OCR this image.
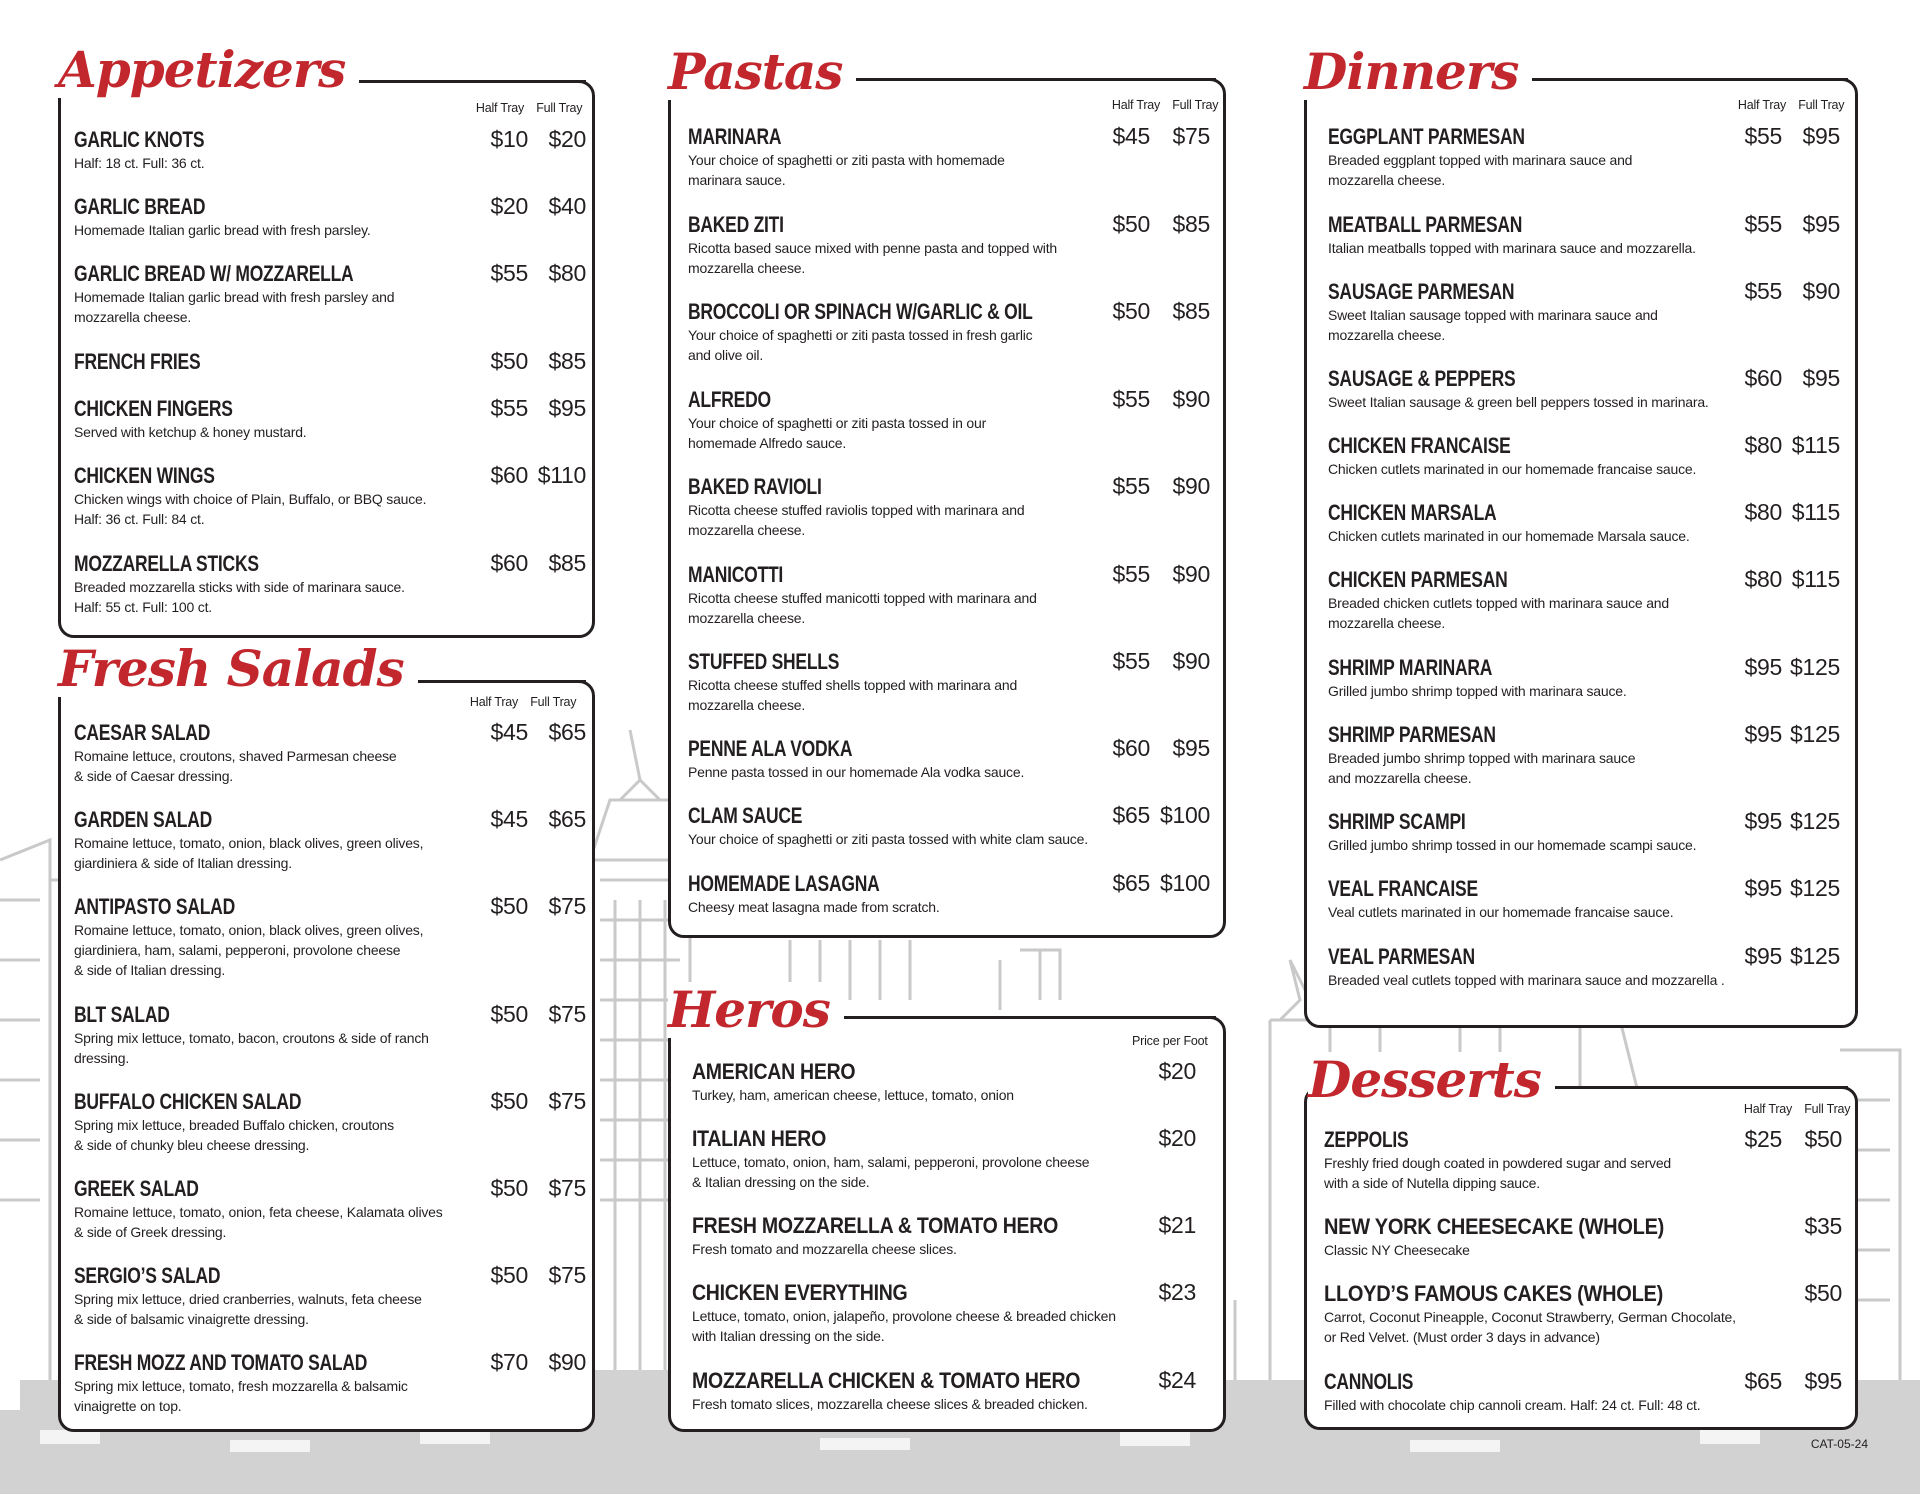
Appetizers
Half Tray Full Tray
GARLIC KNOTS
Half: 18 ct. Full: 36 ct.
$10 $20
GARLIC BREAD
Homemade Italian garlic bread with fresh parsley.
$20 $40
GARLIC BREAD W/ MOZZARELLA
Homemade Italian garlic bread with fresh parsley and
mozzarella cheese.
$55 $80
FRENCH FRIES	$50 $85
CHICKEN FINGERS
Served with ketchup & honey mustard.
$55 $95
CHICKEN WINGS
Chicken wings with choice of Plain, Buffalo, or BBQ sauce.
Half: 36 ct. Full: 84 ct.
$60 $110
MOZZARELLA STICKS
Breaded mozzarella sticks with side of marinara sauce.
Half: 55 ct. Full: 100 ct.
$60 $85
Fresh Salads
Half Tray Full Tray
CAESAR SALAD
Romaine lettuce, croutons, shaved Parmesan cheese
& side of Caesar dressing.
$45 $65
GARDEN SALAD
Romaine lettuce, tomato, onion, black olives, green olives,
giardiniera & side of Italian dressing.
$45 $65
ANTIPASTO SALAD
Romaine lettuce, tomato, onion, black olives, green olives,
giardiniera, ham, salami, pepperoni, provolone cheese
& side of Italian dressing.
$50 $75
BLT SALAD
Spring mix lettuce, tomato, bacon, croutons & side of ranch
dressing.
$50 $75
BUFFALO CHICKEN SALAD
Spring mix lettuce, breaded Buffalo chicken, croutons
& side of chunky bleu cheese dressing.
$50 $75
GREEK SALAD
Romaine lettuce, tomato, onion, feta cheese, Kalamata olives
& side of Greek dressing.
$50 $75
SERGIO’S SALAD
Spring mix lettuce, dried cranberries, walnuts, feta cheese
& side of balsamic vinaigrette dressing.
$50 $75
FRESH MOZZ AND TOMATO SALAD
Spring mix lettuce, tomato, fresh mozzarella & balsamic
vinaigrette on top.
$70 $90
Pastas
Half Tray Full Tray
MARINARA
Your choice of spaghetti or ziti pasta with homemade
marinara sauce.
$45 $75
BAKED ZITI
Ricotta based sauce mixed with penne pasta and topped with
mozzarella cheese.
$50 $85
BROCCOLI OR SPINACH W/GARLIC & OIL
Your choice of spaghetti or ziti pasta tossed in fresh garlic
and olive oil.
$50 $85
ALFREDO
Your choice of spaghetti or ziti pasta tossed in our
homemade Alfredo sauce.
$55 $90
BAKED RAVIOLI
Ricotta cheese stuffed raviolis topped with marinara and
mozzarella cheese.
$55 $90
MANICOTTI
Ricotta cheese stuffed manicotti topped with marinara and
mozzarella cheese.
$55 $90
STUFFED SHELLS
Ricotta cheese stuffed shells topped with marinara and
mozzarella cheese.
$55 $90
PENNE ALA VODKA
Penne pasta tossed in our homemade Ala vodka sauce.
$60 $95
CLAM SAUCE
Your choice of spaghetti or ziti pasta tossed with white clam sauce.
$65 $100
HOMEMADE LASAGNA
Cheesy meat lasagna made from scratch.
$65 $100
Heros
Price per Foot
AMERICAN HERO
Turkey, ham, american cheese, lettuce, tomato, onion
$20
ITALIAN HERO
Lettuce, tomato, onion, ham, salami, pepperoni, provolone cheese
& Italian dressing on the side.
$20
FRESH MOZZARELLA & TOMATO HERO
Fresh tomato and mozzarella cheese slices.
$21
CHICKEN EVERYTHING
Lettuce, tomato, onion, jalapeño, provolone cheese & breaded chicken
with Italian dressing on the side.
$23
MOZZARELLA CHICKEN & TOMATO HERO
Fresh tomato slices, mozzarella cheese slices & breaded chicken.
$24
Dinners
Half Tray Full Tray
EGGPLANT PARMESAN
Breaded eggplant topped with marinara sauce and
mozzarella cheese.
$55 $95
MEATBALL PARMESAN
Italian meatballs topped with marinara sauce and mozzarella.
$55 $95
SAUSAGE PARMESAN
Sweet Italian sausage topped with marinara sauce and
mozzarella cheese.
$55 $90
SAUSAGE & PEPPERS
Sweet Italian sausage & green bell peppers tossed in marinara.
$60 $95
CHICKEN FRANCAISE
Chicken cutlets marinated in our homemade francaise sauce.
$80 $115
CHICKEN MARSALA
Chicken cutlets marinated in our homemade Marsala sauce.
$80 $115
CHICKEN PARMESAN
Breaded chicken cutlets topped with marinara sauce and
mozzarella cheese.
$80 $115
SHRIMP MARINARA
Grilled jumbo shrimp topped with marinara sauce.
$95 $125
SHRIMP PARMESAN
Breaded jumbo shrimp topped with marinara sauce
and mozzarella cheese.
$95 $125
SHRIMP SCAMPI
Grilled jumbo shrimp tossed in our homemade scampi sauce.
$95 $125
VEAL FRANCAISE
Veal cutlets marinated in our homemade francaise sauce.
$95 $125
VEAL PARMESAN
Breaded veal cutlets topped with marinara sauce and mozzarella .
$95 $125
Desserts	Half Tray Full Tray
ZEPPOLIS
Freshly fried dough coated in powdered sugar and served
with a side of Nutella dipping sauce.
$25 $50
NEW YORK CHEESECAKE (WHOLE)
Classic NY Cheesecake
$35
LLOYD’S FAMOUS CAKES (WHOLE)
Carrot, Coconut Pineapple, Coconut Strawberry, German Chocolate,
or Red Velvet. (Must order 3 days in advance)
$50
CANNOLIS
Filled with chocolate chip cannoli cream. Half: 24 ct. Full: 48 ct.
$65 $95
CAT-05-24
